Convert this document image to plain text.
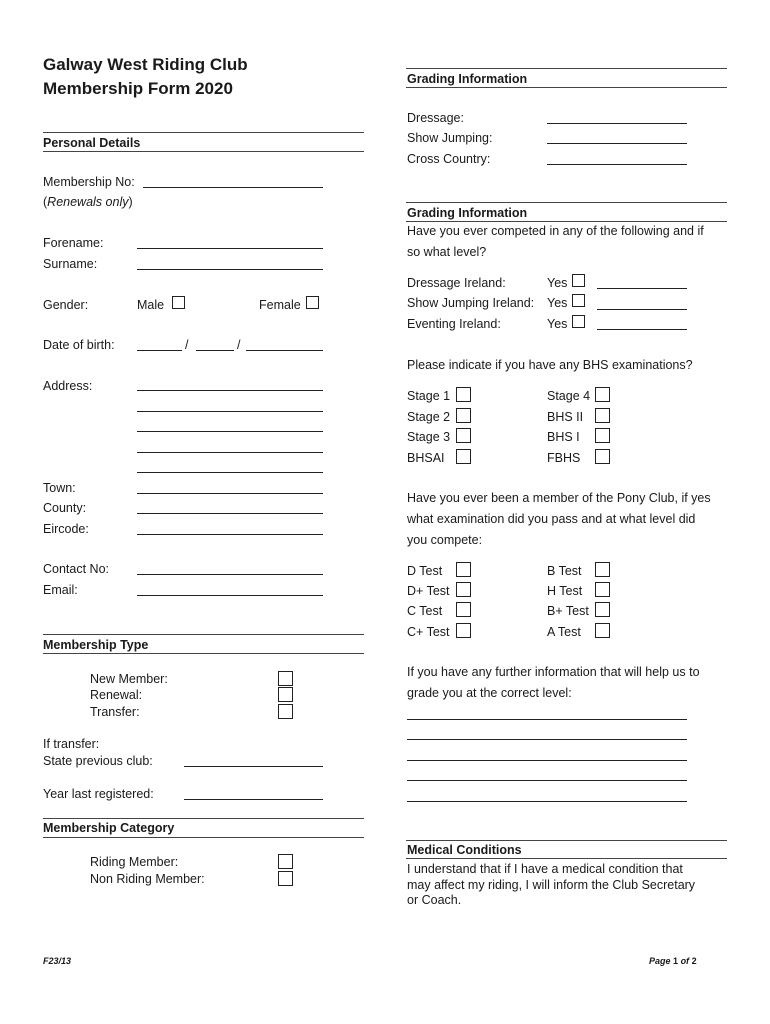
Galway West Riding Club
Membership Form 2020
Personal Details
Membership No:
(Renewals only)
Forename:
Surname:
Gender:	Male	Female
Date of birth:	/	/
Address:
Town:
County:
Eircode:
Contact No:
Email:
Membership Type
New Member:
Renewal:
Transfer:
If transfer:
State previous club:
Year last registered:
Membership Category
Riding Member:
Non Riding Member:
F23/13
Grading Information
Dressage:
Show Jumping:
Cross Country:
Grading Information
Have you ever competed in any of the following and if
so what level?
Dressage Ireland:	Yes
Show Jumping Ireland: Yes
Eventing Ireland:	Yes
Please indicate if you have any BHS examinations?
Stage 1	Stage 4
Stage 2	BHS II
Stage 3	BHS I
BHSAI	FBHS
Have you ever been a member of the Pony Club, if yes
what examination did you pass and at what level did
you compete:
D Test	B Test
D+ Test	H Test
C Test	B+ Test
C+ Test	A Test
If you have any further information that will help us to
grade you at the correct level:
Medical Conditions
I understand that if I have a medical condition that
may affect my riding, I will inform the Club Secretary
or Coach.
Page 1 of 2
